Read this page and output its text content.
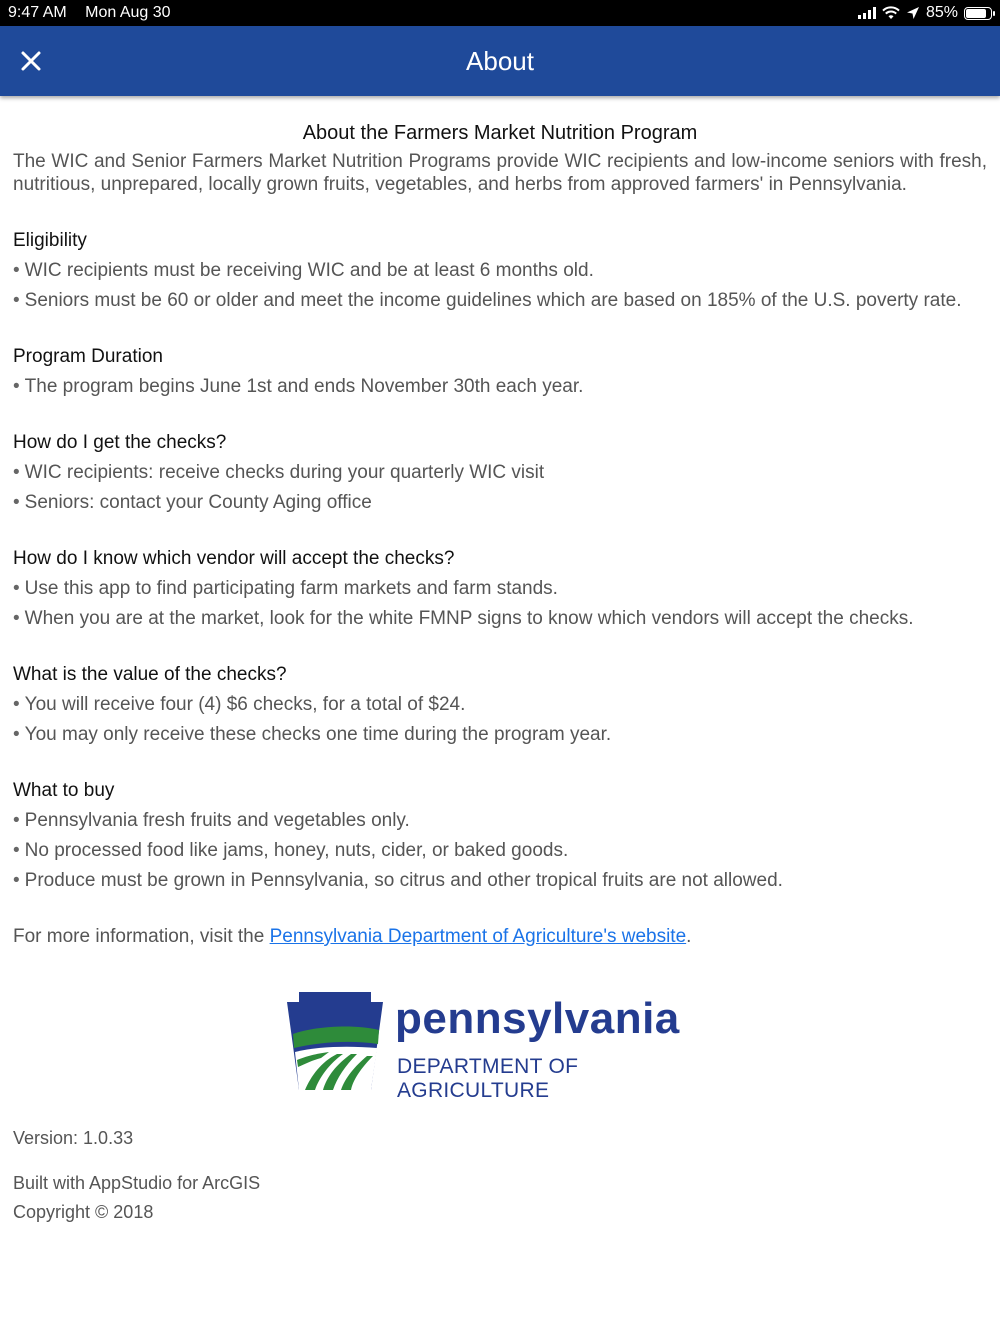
9:47 AM Mon Aug 30	85%
About
About the Farmers Market Nutrition Program
The WIC and Senior Farmers Market Nutrition Programs provide WIC recipients and low-income seniors with fresh, nutritious, unprepared, locally grown fruits, vegetables, and herbs from approved farmers' in Pennsylvania.
Eligibility
• WIC recipients must be receiving WIC and be at least 6 months old.
• Seniors must be 60 or older and meet the income guidelines which are based on 185% of the U.S. poverty rate.
Program Duration
• The program begins June 1st and ends November 30th each year.
How do I get the checks?
• WIC recipients: receive checks during your quarterly WIC visit
• Seniors: contact your County Aging office
How do I know which vendor will accept the checks?
• Use this app to find participating farm markets and farm stands.
• When you are at the market, look for the white FMNP signs to know which vendors will accept the checks.
What is the value of the checks?
• You will receive four (4) $6 checks, for a total of $24.
• You may only receive these checks one time during the program year.
What to buy
• Pennsylvania fresh fruits and vegetables only.
• No processed food like jams, honey, nuts, cider, or baked goods.
• Produce must be grown in Pennsylvania, so citrus and other tropical fruits are not allowed.
For more information, visit the Pennsylvania Department of Agriculture's website.
pennsylvania
DEPARTMENT OF AGRICULTURE
Version: 1.0.33
Built with AppStudio for ArcGIS
Copyright © 2018
